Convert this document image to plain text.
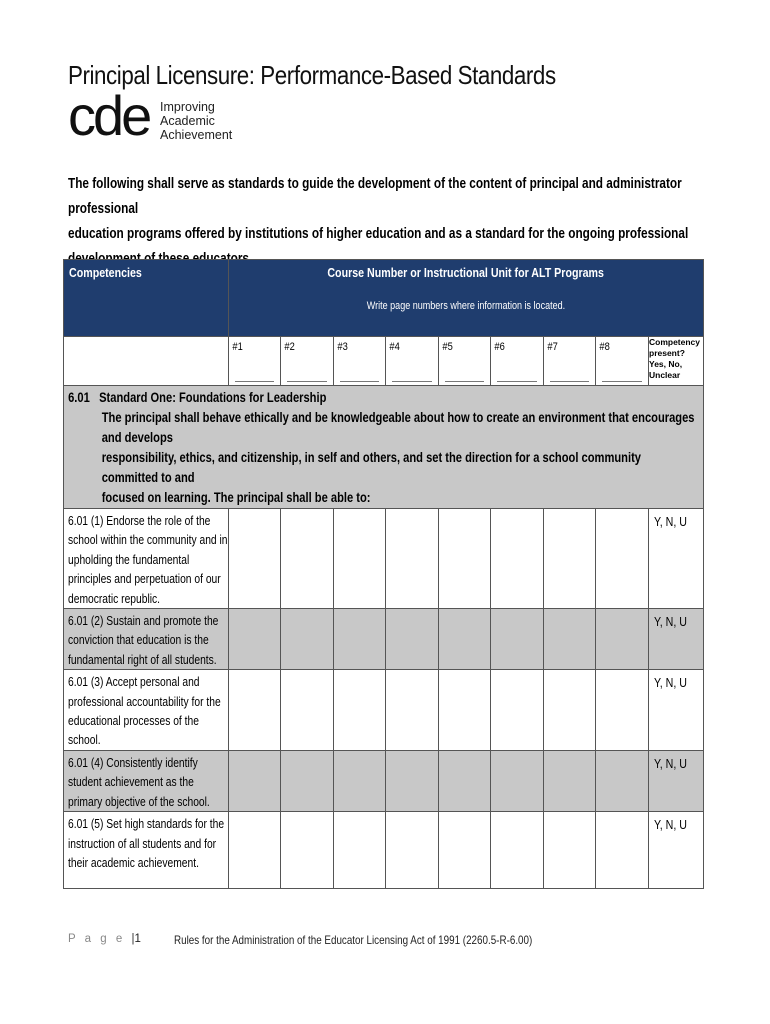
Principal Licensure: Performance-Based Standards
cde Improving
Academic
Achievement
The following shall serve as standards to guide the development of the content of principal and administrator professional
education programs offered by institutions of higher education and as a standard for the ongoing professional
Competencies	Course Number or Instructional Unit for ALT Programs
Write page numbers where information is located.								

	#1	#2	#3	#4	#5	#6	#7	#8	Competency
present?
Yes, No,
Unclear

6.01 Standard One: Foundations for Leadership
The principal shall behave ethically and be knowledgeable about how to create an environment that encourages and develops
responsibility, ethics, and citizenship, in self and others, and set the direction for a school community committed to and
focused on learning. The principal shall be able to:									

6.01 (1) Endorse the role of the
school within the community and in
upholding the fundamental
principles and perpetuation of our
democratic republic.									Y, N, U

6.01 (2) Sustain and promote the
conviction that education is the
fundamental right of all students.									Y, N, U

6.01 (3) Accept personal and
professional accountability for the
educational processes of the
school.									Y, N, U

6.01 (4) Consistently identify
student achievement as the
primary objective of the school.									Y, N, U

6.01 (5) Set high standards for the
instruction of all students and for
their academic achievement.									Y, N, U
P a g e |1	Rules for the Administration of the Educator Licensing Act of 1991 (2260.5-R-6.00)
